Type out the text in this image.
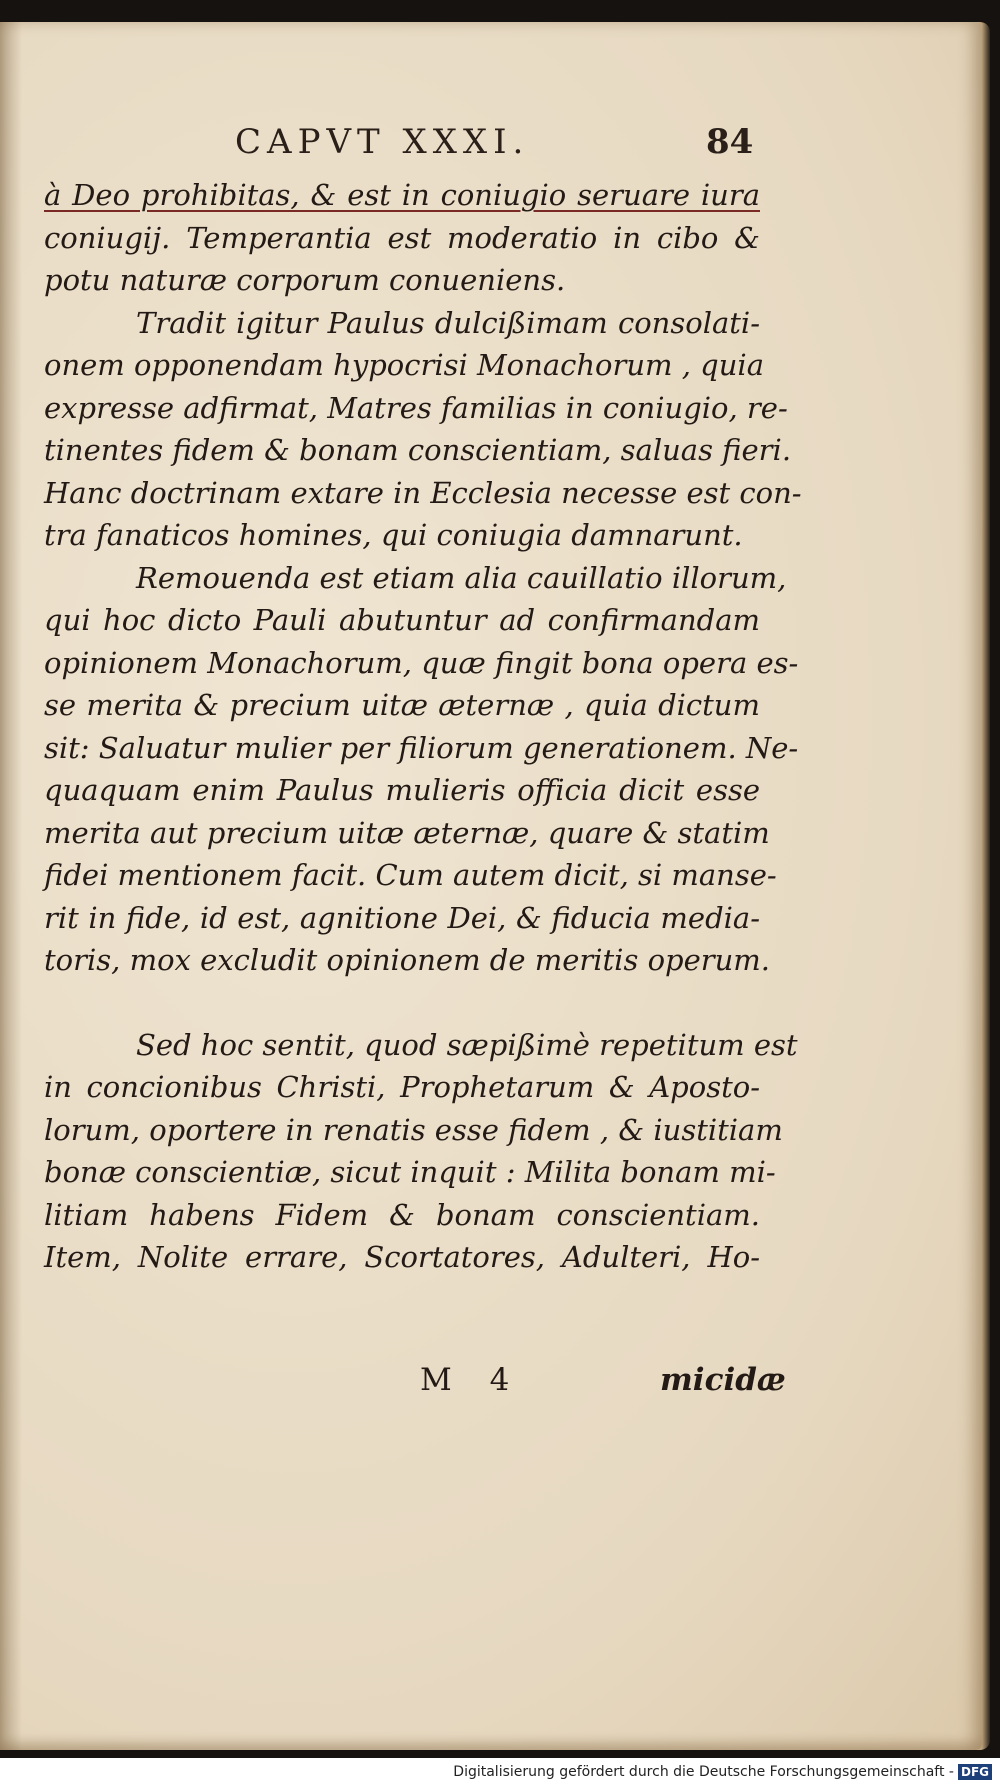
CAPVT XXXI.	84
à Deo prohibitas, & est in coniugio seruare iura
coniugij. Temperantia est moderatio in cibo &
potu naturæ corporum conueniens.
Tradit igitur Paulus dulcißimam consolati-
onem opponendam hypocrisi Monachorum , quia
expresse adfirmat, Matres familias in coniugio, re-
tinentes fidem & bonam conscientiam, saluas fieri.
Hanc doctrinam extare in Ecclesia necesse est con-
tra fanaticos homines, qui coniugia damnarunt.
Remouenda est etiam alia cauillatio illorum,
qui hoc dicto Pauli abutuntur ad confirmandam
opinionem Monachorum, quæ fingit bona opera es-
se merita & precium uitæ æternæ , quia dictum
sit: Saluatur mulier per filiorum generationem. Ne-
quaquam enim Paulus mulieris officia dicit esse
merita aut precium uitæ æternæ, quare & statim
fidei mentionem facit. Cum autem dicit, si manse-
rit in fide, id est, agnitione Dei, & fiducia media-
toris, mox excludit opinionem de meritis operum.
Sed hoc sentit, quod sæpißimè repetitum est
in concionibus Christi, Prophetarum & Aposto-
lorum, oportere in renatis esse fidem , & iustitiam
bonæ conscientiæ, sicut inquit : Milita bonam mi-
litiam habens Fidem & bonam conscientiam.
Item, Nolite errare, Scortatores, Adulteri, Ho-
M 4	micidæ
Digitalisierung gefördert durch die Deutsche Forschungsgemeinschaft - DFG
